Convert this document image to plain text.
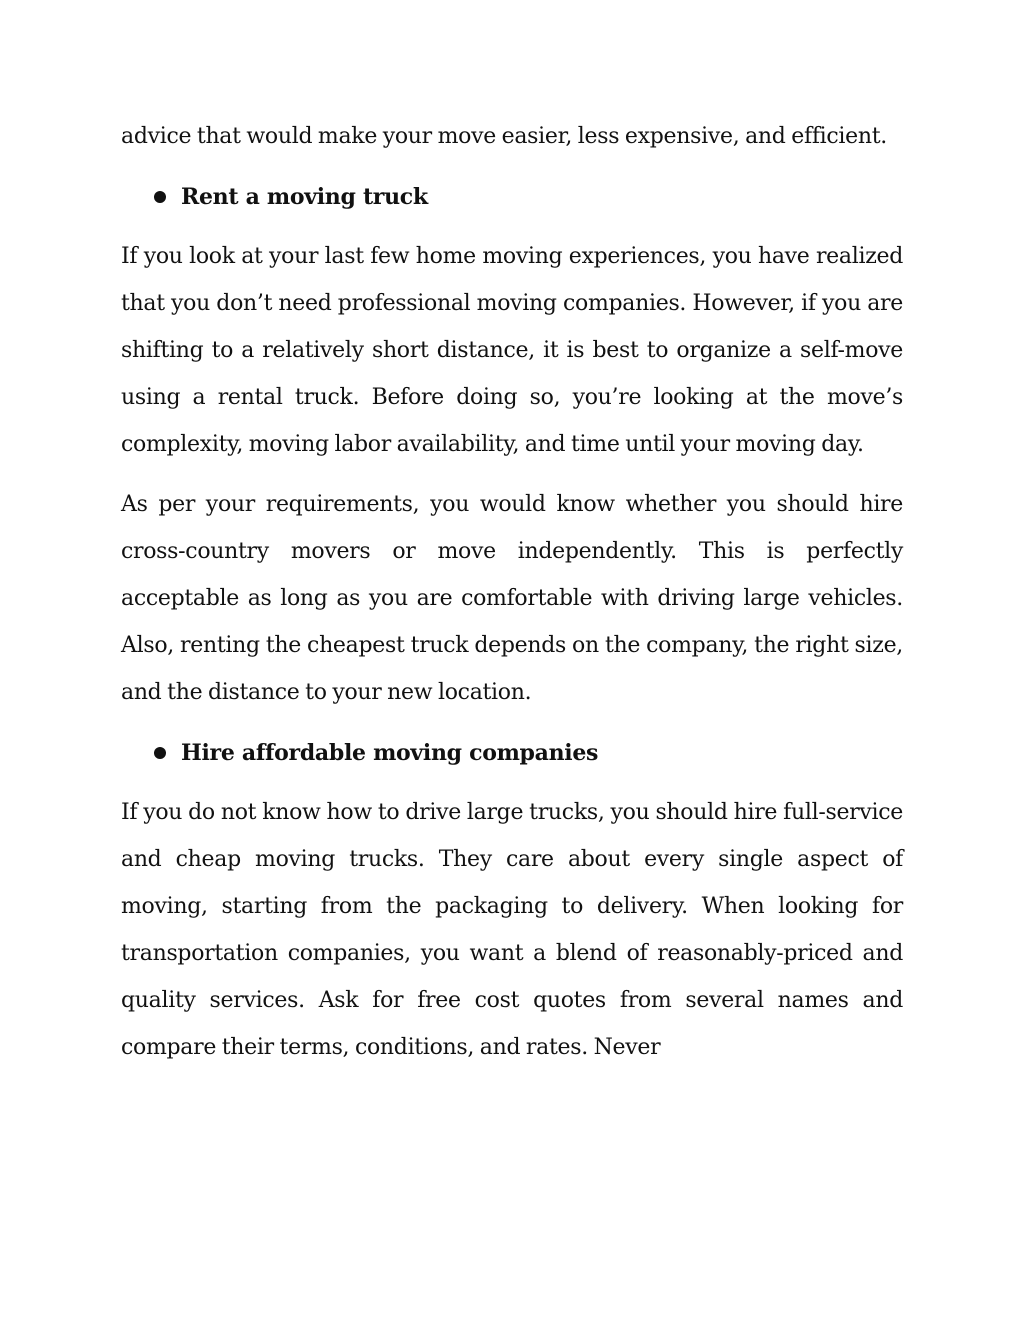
advice that would make your move easier, less expensive, and efficient.

Rent a moving truck

If you look at your last few home moving experiences, you have realized that you don’t need professional moving companies. However, if you are shifting to a relatively short distance, it is best to organize a self-move using a rental truck. Before doing so, you’re looking at the move’s complexity, moving labor availability, and time until your moving day.

As per your requirements, you would know whether you should hire cross-country movers or move independently. This is perfectly acceptable as long as you are comfortable with driving large vehicles. Also, renting the cheapest truck depends on the company, the right size, and the distance to your new location.

Hire affordable moving companies

If you do not know how to drive large trucks, you should hire full-service and cheap moving trucks. They care about every single aspect of moving, starting from the packaging to delivery. When looking for transportation companies, you want a blend of reasonably-priced and quality services. Ask for free cost quotes from several names and compare their terms, conditions, and rates. Never
